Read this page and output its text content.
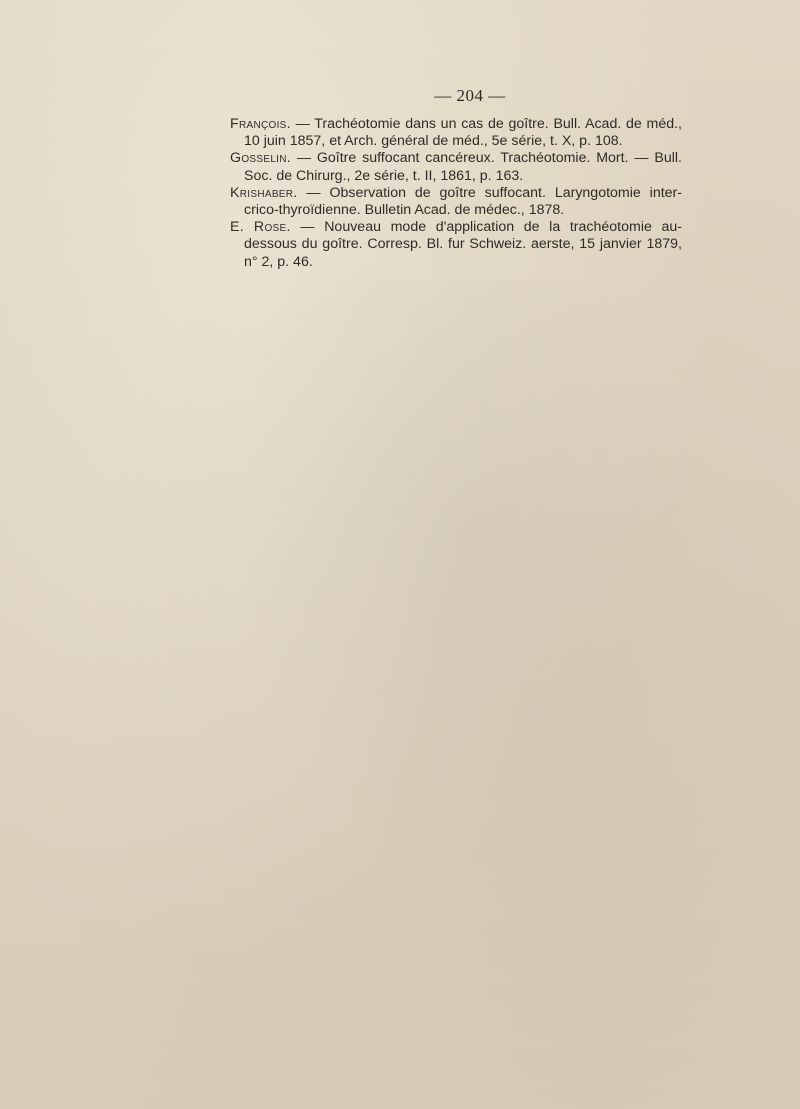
— 204 —

François. — Trachéotomie dans un cas de goître. Bull. Acad. de méd., 10 juin 1857, et Arch. général de méd., 5e série, t. X, p. 108.

Gosselin. — Goître suffocant cancéreux. Trachéotomie. Mort. — Bull. Soc. de Chirurg., 2e série, t. II, 1861, p. 163.

Krishaber. — Observation de goître suffocant. Laryngotomie inter-crico-thyroïdienne. Bulletin Acad. de médec., 1878.

E. Rose. — Nouveau mode d'application de la trachéotomie au-dessous du goître. Corresp. Bl. fur Schweiz. aerste, 15 janvier 1879, n° 2, p. 46.
